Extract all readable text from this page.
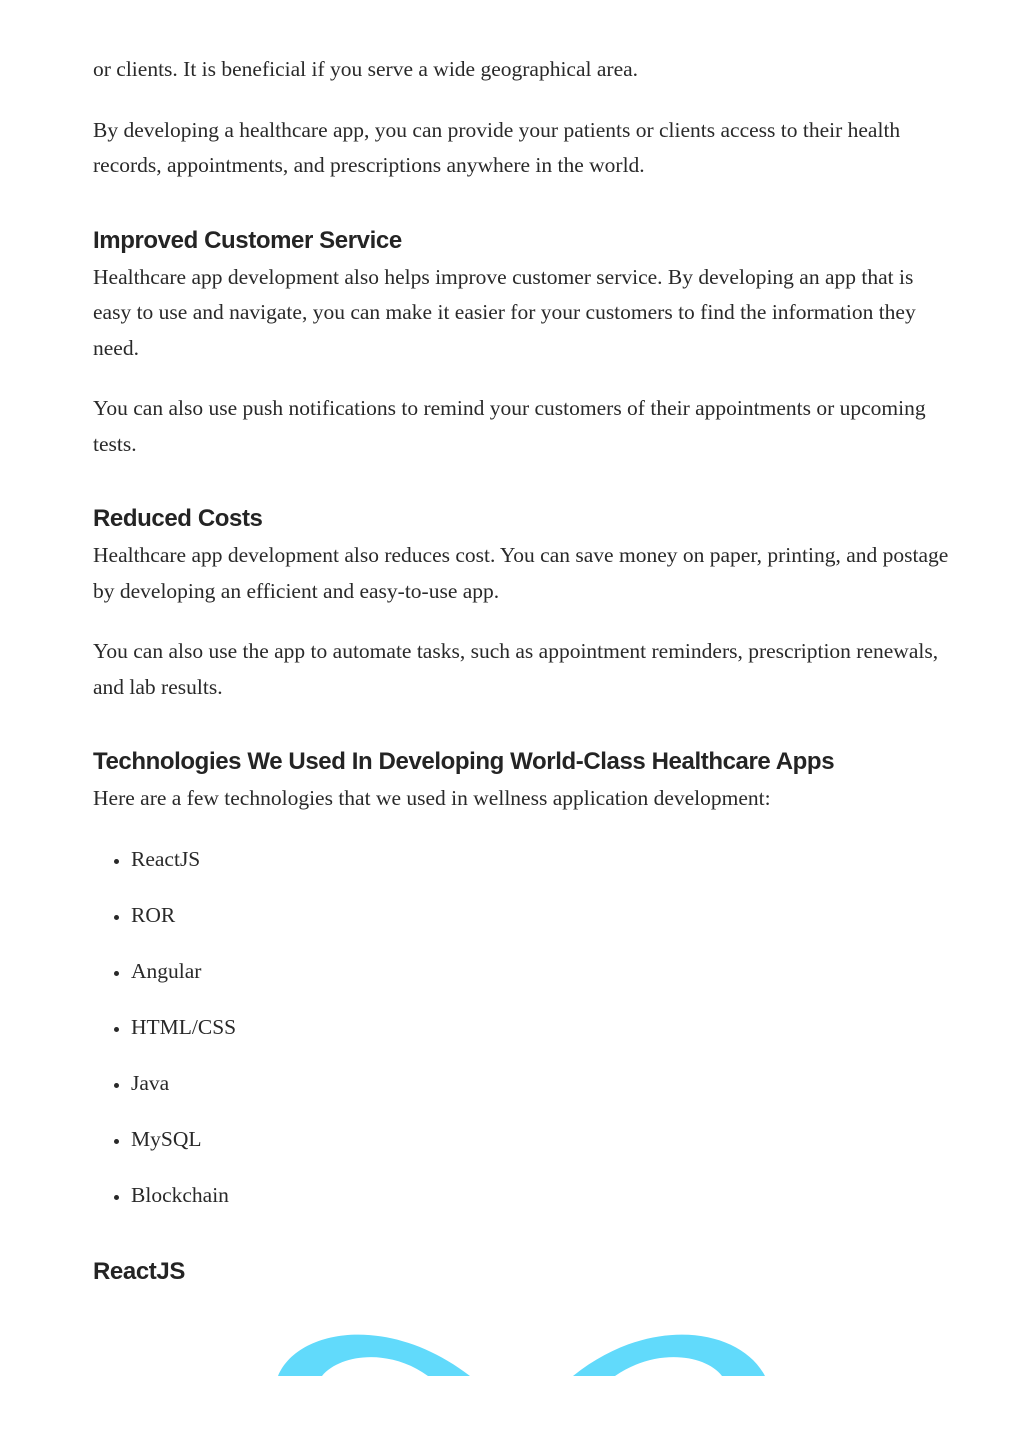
or clients. It is beneficial if you serve a wide geographical area.

By developing a healthcare app, you can provide your patients or clients access to their health records, appointments, and prescriptions anywhere in the world.

Improved Customer Service

Healthcare app development also helps improve customer service. By developing an app that is easy to use and navigate, you can make it easier for your customers to find the information they need.

You can also use push notifications to remind your customers of their appointments or upcoming tests.

Reduced Costs

Healthcare app development also reduces cost. You can save money on paper, printing, and postage by developing an efficient and easy-to-use app.

You can also use the app to automate tasks, such as appointment reminders, prescription renewals, and lab results.

Technologies We Used In Developing World-Class Healthcare Apps

Here are a few technologies that we used in wellness application development:

• ReactJS
• ROR
• Angular
• HTML/CSS
• Java
• MySQL
• Blockchain
ReactJS
